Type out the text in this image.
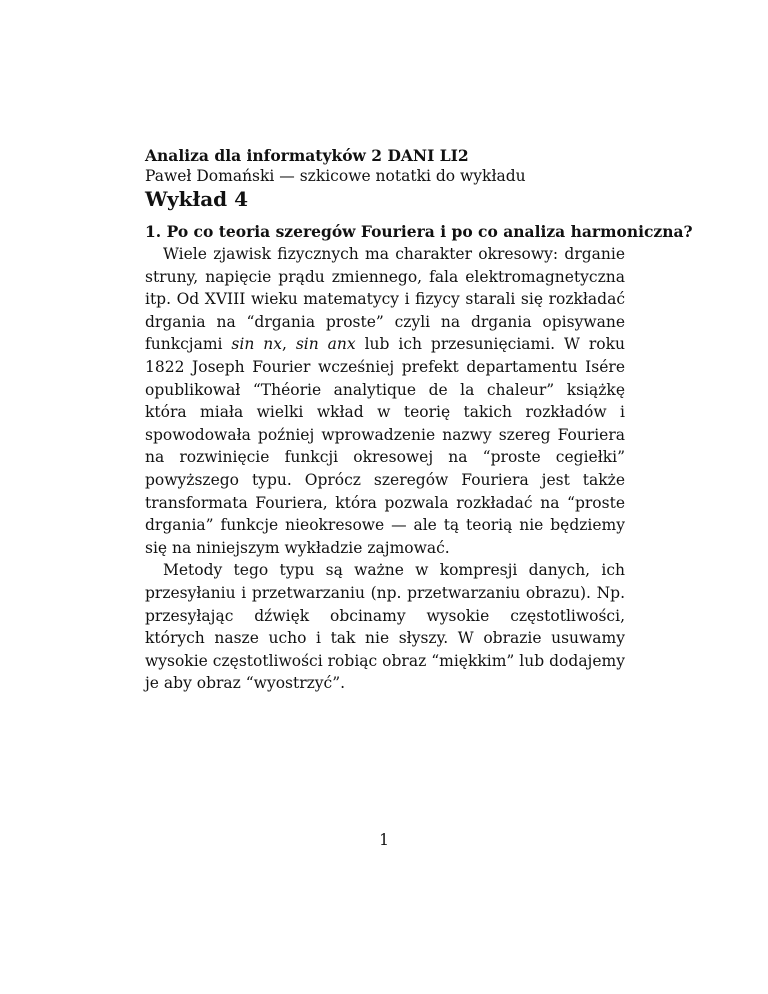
Analiza dla informatyków 2 DANI LI2

Paweł Domański — szkicowe notatki do wykładu

Wykład 4

1. Po co teoria szeregów Fouriera i po co analiza harmoniczna?

Wiele zjawisk fizycznych ma charakter okresowy: drganie struny, napięcie prądu zmiennego, fala elektromagnetyczna itp. Od XVIII wieku matematycy i fizycy starali się rozkładać drgania na “drgania proste” czyli na drgania opisywane funkcjami sin nx, sin anx lub ich przesunięciami. W roku 1822 Joseph Fourier wcześniej prefekt departamentu Isére opublikował “Théorie analytique de la chaleur” książkę która miała wielki wkład w teorię takich rozkładów i spowodowała poźniej wprowadzenie nazwy szereg Fouriera na rozwinięcie funkcji okresowej na “proste cegiełki” powyższego typu. Oprócz szeregów Fouriera jest także transformata Fouriera, która pozwala rozkładać na “proste drgania” funkcje nieokresowe — ale tą teorią nie będziemy się na niniejszym wykładzie zajmować.

Metody tego typu są ważne w kompresji danych, ich przesyłaniu i przetwarzaniu (np. przetwarzaniu obrazu). Np. przesyłając dźwięk obcinamy wysokie częstotliwości, których nasze ucho i tak nie słyszy. W obrazie usuwamy wysokie częstotliwości robiąc obraz “miękkim” lub dodajemy je aby obraz “wyostrzyć”.

1
